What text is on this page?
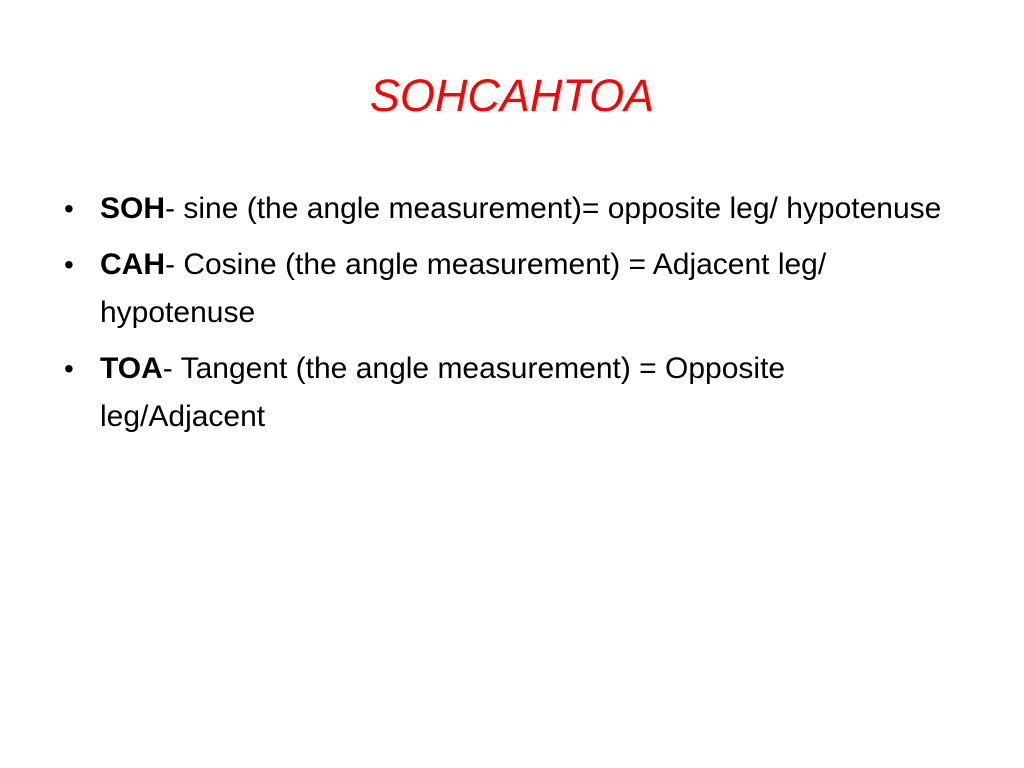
SOHCAHTOA
• SOH- sine (the angle measurement)= opposite leg/ hypotenuse
• CAH- Cosine (the angle measurement) = Adjacent leg/ hypotenuse
• TOA- Tangent (the angle measurement) = Opposite leg/Adjacent
